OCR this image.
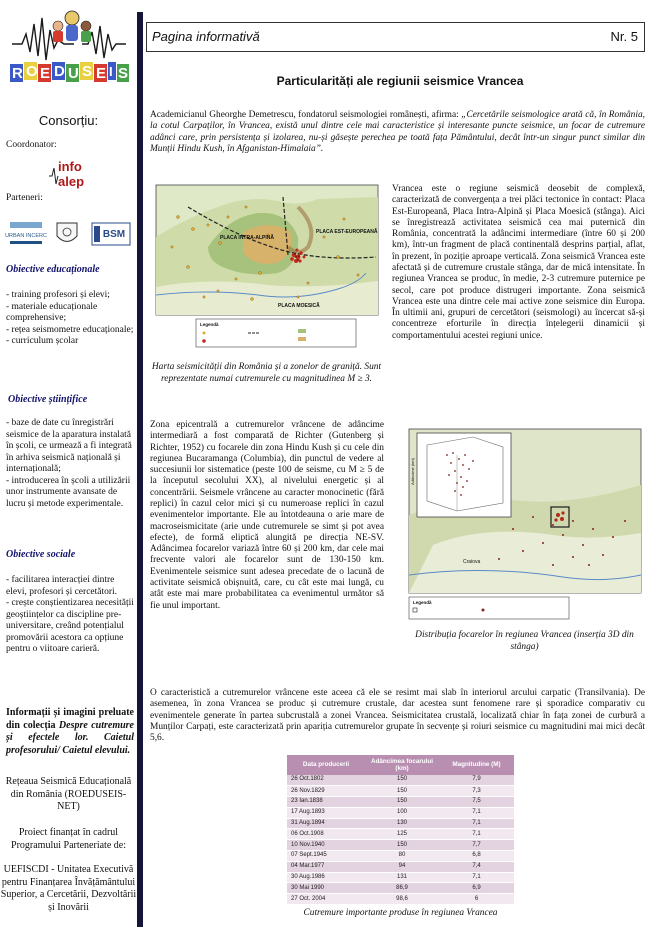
R O E D U S E I S
Consorțiu:
Coordonator:
info
alep
Parteneri:
URBAN INCERC	BSM
Obiective educaționale
- training profesori și elevi;
- materiale educaționale comprehensive;
- rețea seismometre educaționale;
- curriculum școlar
Obiective științifice
- baze de date cu înregistrări seismice de la aparatura instalată în școli, ce urmează a fi integrată în arhiva seismică națională și internațională;
- introducerea în școli a utilizării unor instrumente avansate de lucru și metode experimentale.
Obiective sociale
- facilitarea interacției dintre elevi, profesori și cercetători.
- crește conștientizarea necesității geoștiințelor ca discipline pre-universitare, creând potențialul promovării acestora ca opțiune pentru o viitoare carieră.
Informații și imagini preluate din colecția Despre cutremure și efectele lor. Caietul profesorului/ Caietul elevului.
Rețeaua Seismică Educațională din România (ROEDUSEIS-NET)
Proiect finanțat în cadrul Programului Parteneriate de:
UEFISCDI - Unitatea Executivă pentru Finanțarea Învățământului Superior, a Cercetării, Dezvoltării și Inovării
Pagina informativă	Nr. 5
Particularități ale regiunii seismice Vrancea
Academicianul Gheorghe Demetrescu, fondatorul seismologiei românești, afirma: „Cercetările seismologice arată că, în România, la cotul Carpaților, în Vrancea, există unul dintre cele mai caracteristice și interesante puncte seismice, un focar de cutremure adânci care, prin persistența și izolarea, nu-și găsește perechea pe toată fața Pământului, decât într-un singur punct similar din Munții Hindu Kush, în Afganistan-Himalaia”.
PLACA EST-EUROPEANĂ
PLACA INTRA-ALPINĂ
PLACA MOESICĂ
Legendă
Harta seismicității din România și a zonelor de graniță. Sunt reprezentate numai cutremurele cu magnitudinea M ≥ 3.
Vrancea este o regiune seismică deosebit de complexă, caracterizată de convergența a trei plăci tectonice în contact: Placa Est-Europeană, Placa Intra-Alpină și Placa Moesică (stânga). Aici se înregistrează activitatea seismică cea mai puternică din România, concentrată la adâncimi intermediare (între 60 și 200 km), într-un fragment de placă continentală desprins parțial, aflat, în prezent, în poziție aproape verticală. Zona seismică Vrancea este afectată și de cutremure crustale stânga, dar de mică intensitate. În regiunea Vrancea se produc, în medie, 2-3 cutremure puternice pe secol, care pot produce distrugeri importante. Zona seismică Vrancea este una dintre cele mai active zone seismice din Europa. În ultimii ani, grupuri de cercetători (seismologi) au încercat să-și concentreze eforturile în direcția înțelegerii dinamicii și comportamentului acestei regiuni unice.
Zona epicentrală a cutremurelor vrâncene de adâncime intermediară a fost comparată de Richter (Gutenberg și Richter, 1952) cu focarele din zona Hindu Kush și cu cele din regiunea Bucaramanga (Columbia), din punctul de vedere al succesiunii lor sistematice (peste 100 de seisme, cu M ≥ 5 de la începutul secolului XX), al nivelului energetic și al concentrării. Seismele vrâncene au caracter monocinetic (fără replici) în cazul celor mici și cu numeroase replici în cazul evenimentelor importante. Ele au întotdeauna o arie mare de macroseismicitate (arie unde cutremurele se simt și pot avea efecte), de formă eliptică alungită pe direcția NE-SV. Adâncimea focarelor variază între 60 și 200 km, dar cele mai frecvente valori ale focarelor sunt de 130-150 km. Evenimentele seismice sunt adesea precedate de o lacună de activitate seismică obișnuită, care, cu cât este mai lungă, cu atât este mai mare probabilitatea ca evenimentul următor să fie unul important.
Craiova
Adâncime (km)
Legendă
Distribuția focarelor în regiunea Vrancea (inserția 3D din stânga)
O caracteristică a cutremurelor vrâncene este aceea că ele se resimt mai slab în interiorul arcului carpatic (Transilvania). De asemenea, în zona Vrancea se produc și cutremure crustale, dar acestea sunt fenomene rare și sporadice comparativ cu evenimentele generate în partea subcrustală a zonei Vrancea. Seismicitatea crustală, localizată chiar în fața zonei de curbură a Munților Carpați, este caracterizată prin apariția cutremurelor grupate în secvențe și roiuri seismice cu magnitudini mai mici decât 5,6.
Data producerii	Adâncimea focarului (km)	Magnitudine (M)
26 Oct.1802	150	7,9
26 Nov.1829	150	7,3
23 Ian.1838	150	7,5
17 Aug.1893	100	7,1
31 Aug.1894	130	7,1
06 Oct.1908	125	7,1
10 Nov.1940	150	7,7
07 Sept.1945	80	6,8
04 Mar.1977	94	7,4
30 Aug.1986	131	7,1
30 Mai 1990	86,9	6,9
27 Oct. 2004	98,6	6
Cutremure importante produse în regiunea Vrancea
